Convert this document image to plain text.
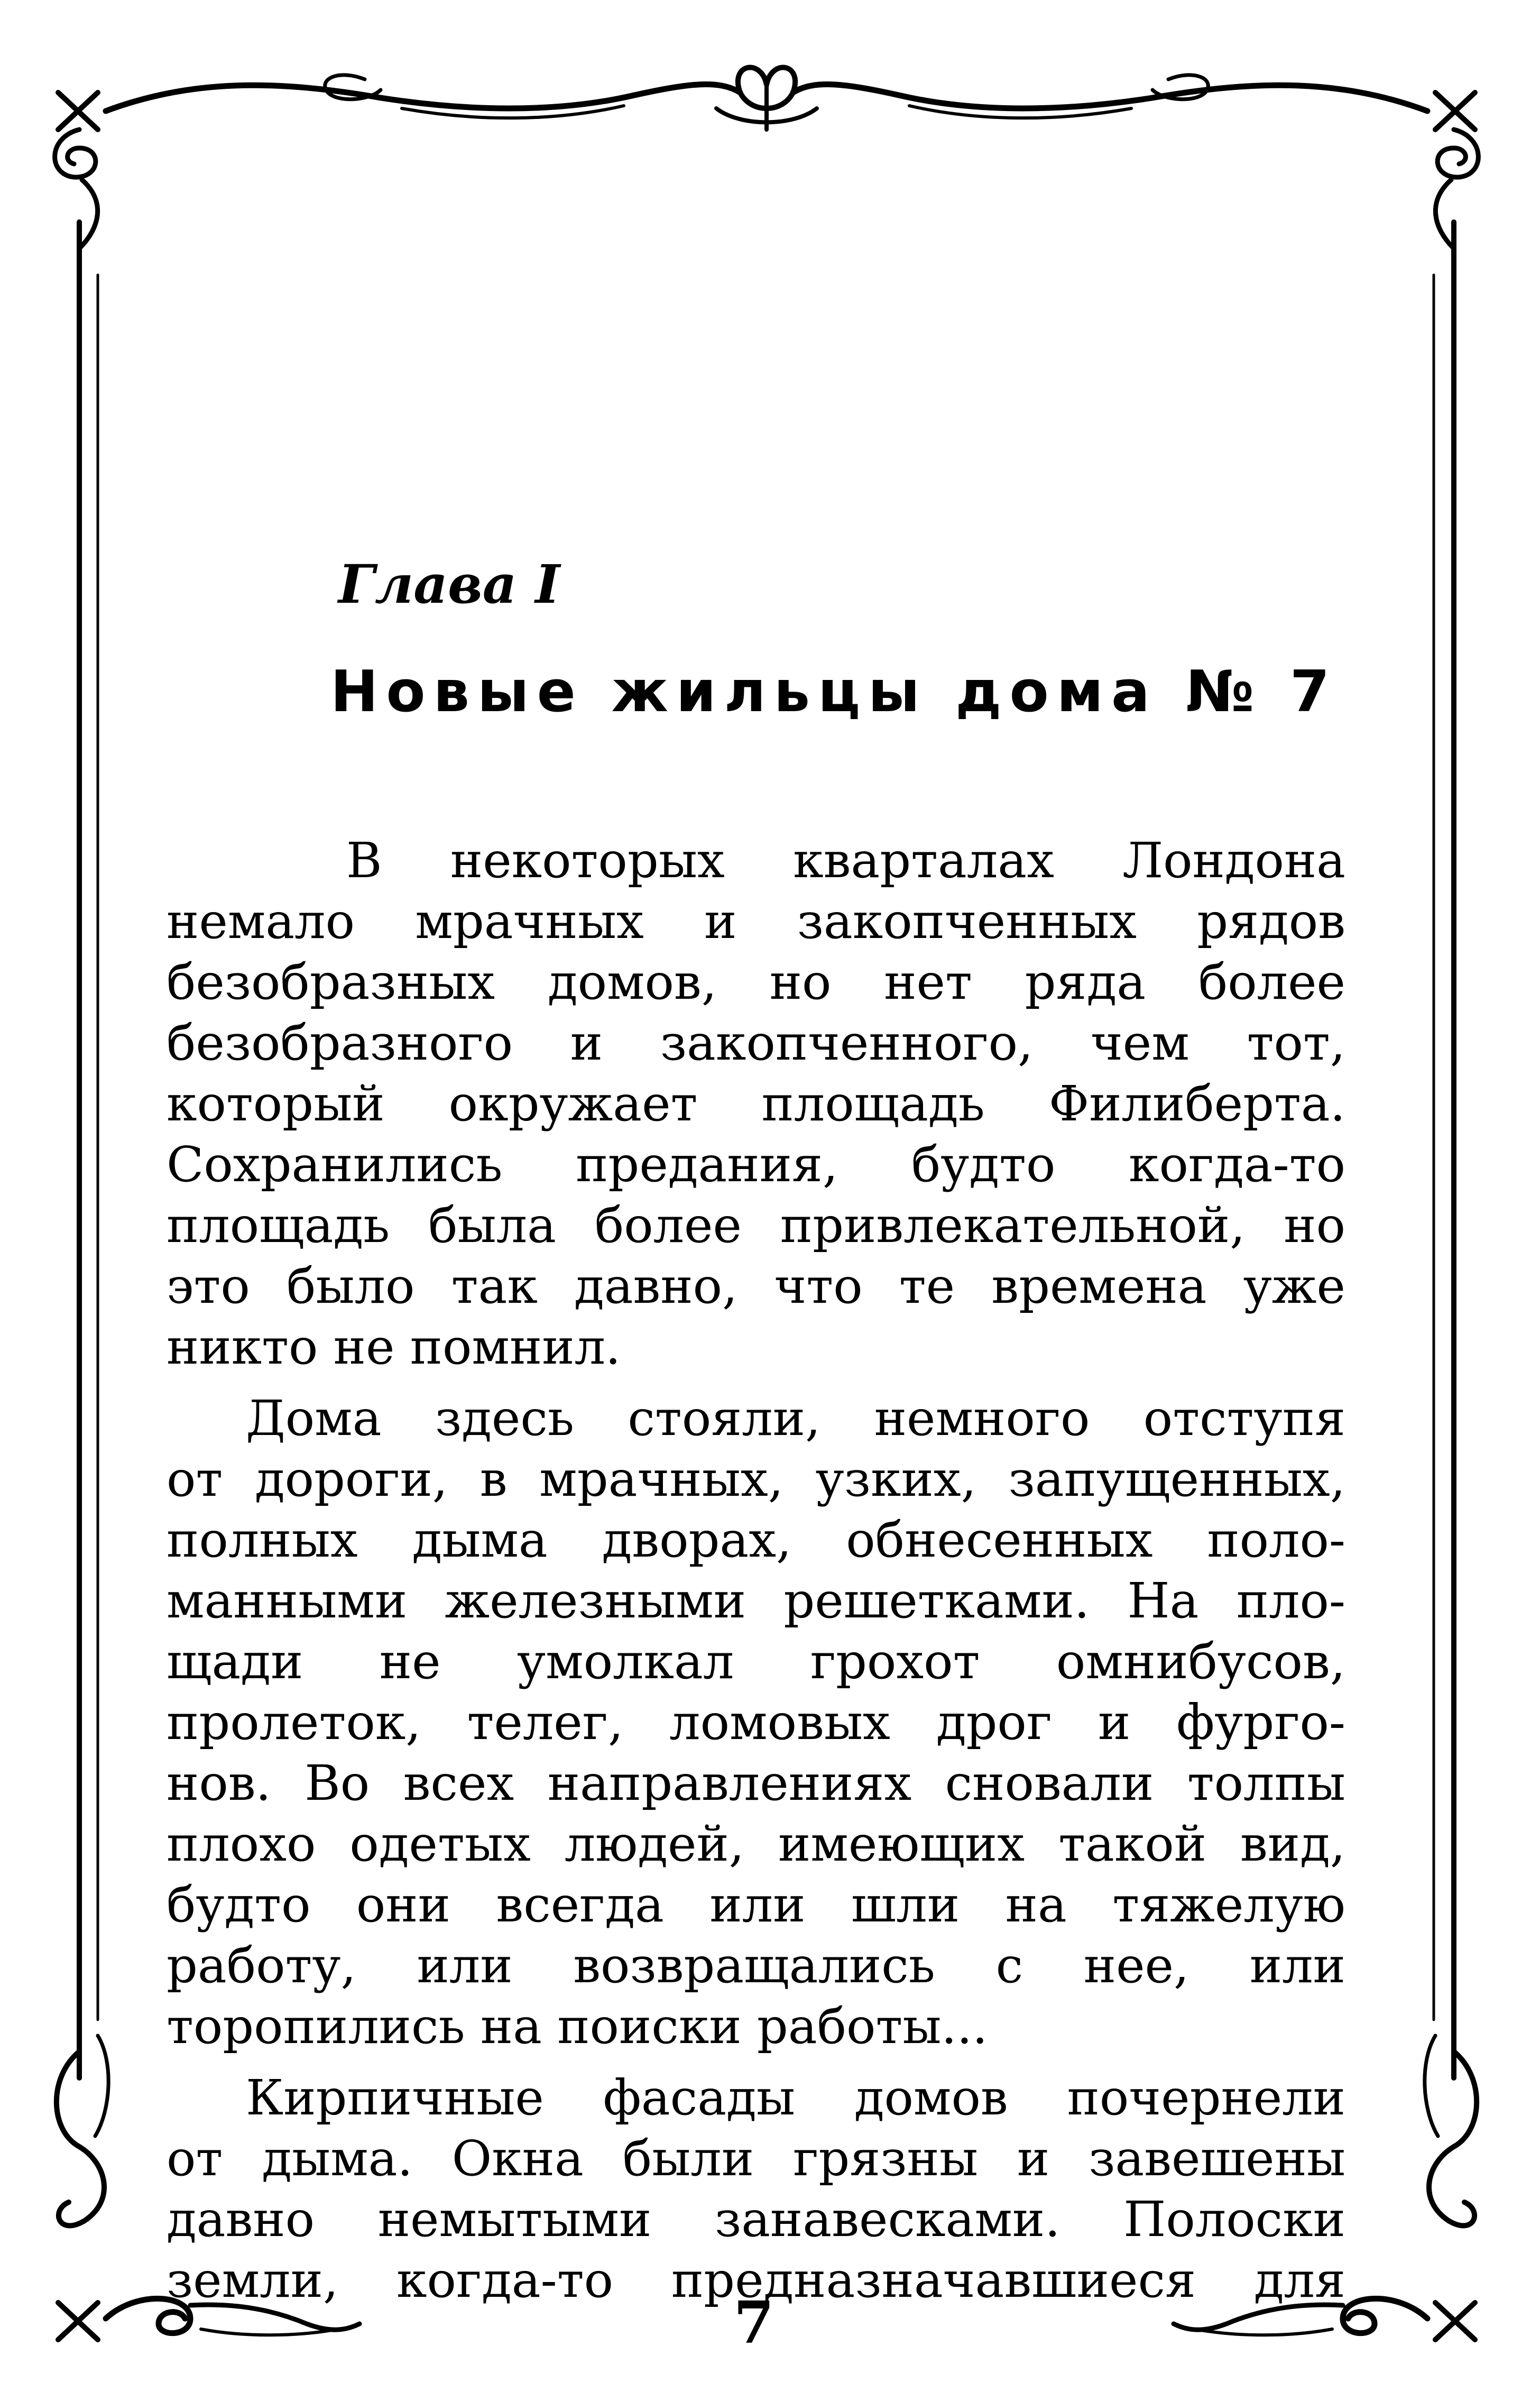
Глава I
Новые жильцы дома № 7
В некоторых кварталах Лондона
немало мрачных и закопченных рядов
безобразных домов, но нет ряда более
безобразного и закопченного, чем тот,
который окружает площадь Филиберта.
Сохранились предания, будто когда-то
площадь была более привлекательной, но
это было так давно, что те времена уже
никто не помнил.
Дома здесь стояли, немного отступя
от дороги, в мрачных, узких, запущенных,
полных дыма дворах, обнесенных поло-
манными железными решетками. На пло-
щади не умолкал грохот омнибусов,
пролеток, телег, ломовых дрог и фурго-
нов. Во всех направлениях сновали толпы
плохо одетых людей, имеющих такой вид,
будто они всегда или шли на тяжелую
работу, или возвращались с нее, или
торопились на поиски работы...
Кирпичные фасады домов почернели
от дыма. Окна были грязны и завешены
давно немытыми занавесками. Полоски
земли, когда-то предназначавшиеся для
7
